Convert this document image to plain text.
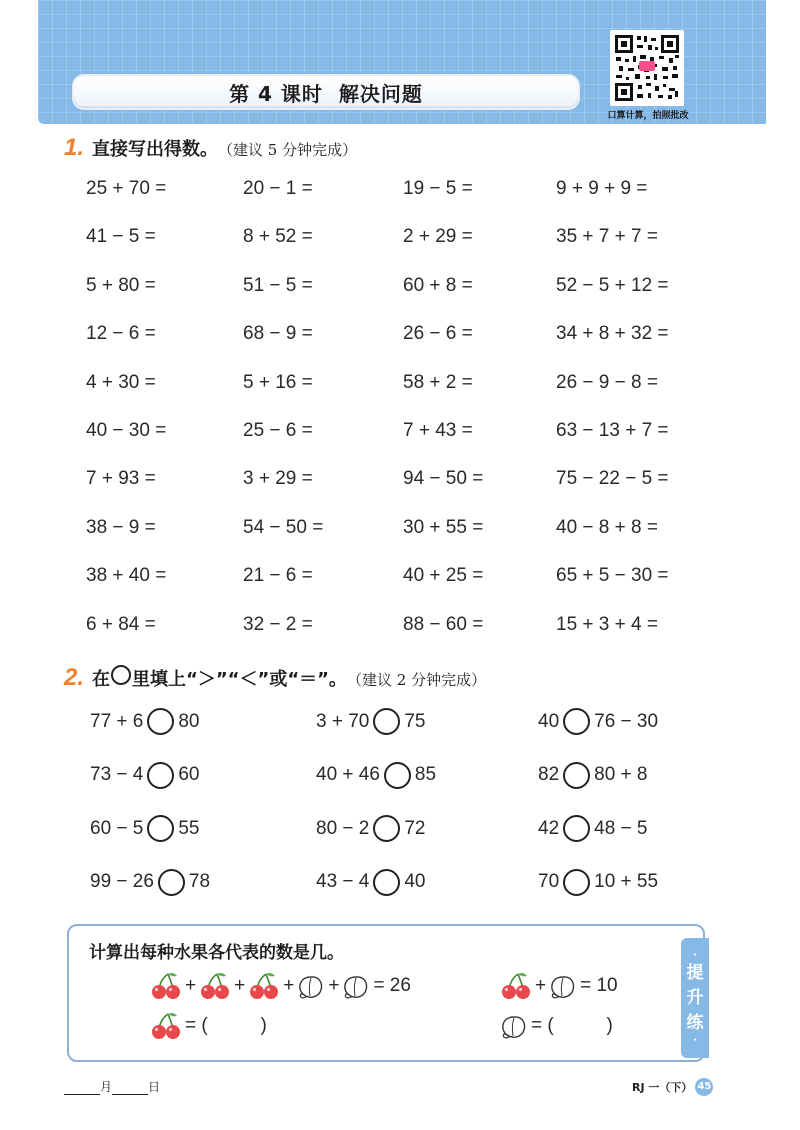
第 4 课时 解决问题
口算计算，拍照批改
1. 直接写出得数。 （建议 5 分钟完成）
25 + 70 =	20 − 1 =	19 − 5 =	9 + 9 + 9 =
41 − 5 =	8 + 52 =	2 + 29 =	35 + 7 + 7 =
5 + 80 =	51 − 5 =	60 + 8 =	52 − 5 + 12 =
12 − 6 =	68 − 9 =	26 − 6 =	34 + 8 + 32 =
4 + 30 =	5 + 16 =	58 + 2 =	26 − 9 − 8 =
40 − 30 =	25 − 6 =	7 + 43 =	63 − 13 + 7 =
7 + 93 =	3 + 29 =	94 − 50 =	75 − 22 − 5 =
38 − 9 =	54 − 50 =	30 + 55 =	40 − 8 + 8 =
38 + 40 =	21 − 6 =	40 + 25 =	65 + 5 − 30 =
6 + 84 =	32 − 2 =	88 − 60 =	15 + 3 + 4 =
2. 在 里填上“＞”“＜”或“＝”。 （建议 2 分钟完成）
77 + 6 80	3 + 70 75	40 76 − 30
73 − 4 60	40 + 46 85	82 80 + 8
60 − 5 55	80 − 2 72	42 48 − 5
99 − 26 78	43 − 4 40	70 10 + 55
计算出每种水果各代表的数是几。
+ + + + = 26	+ = 10
= (          )	= (          )
·
提
升
练
·
月	日	RJ 一（下） 45
